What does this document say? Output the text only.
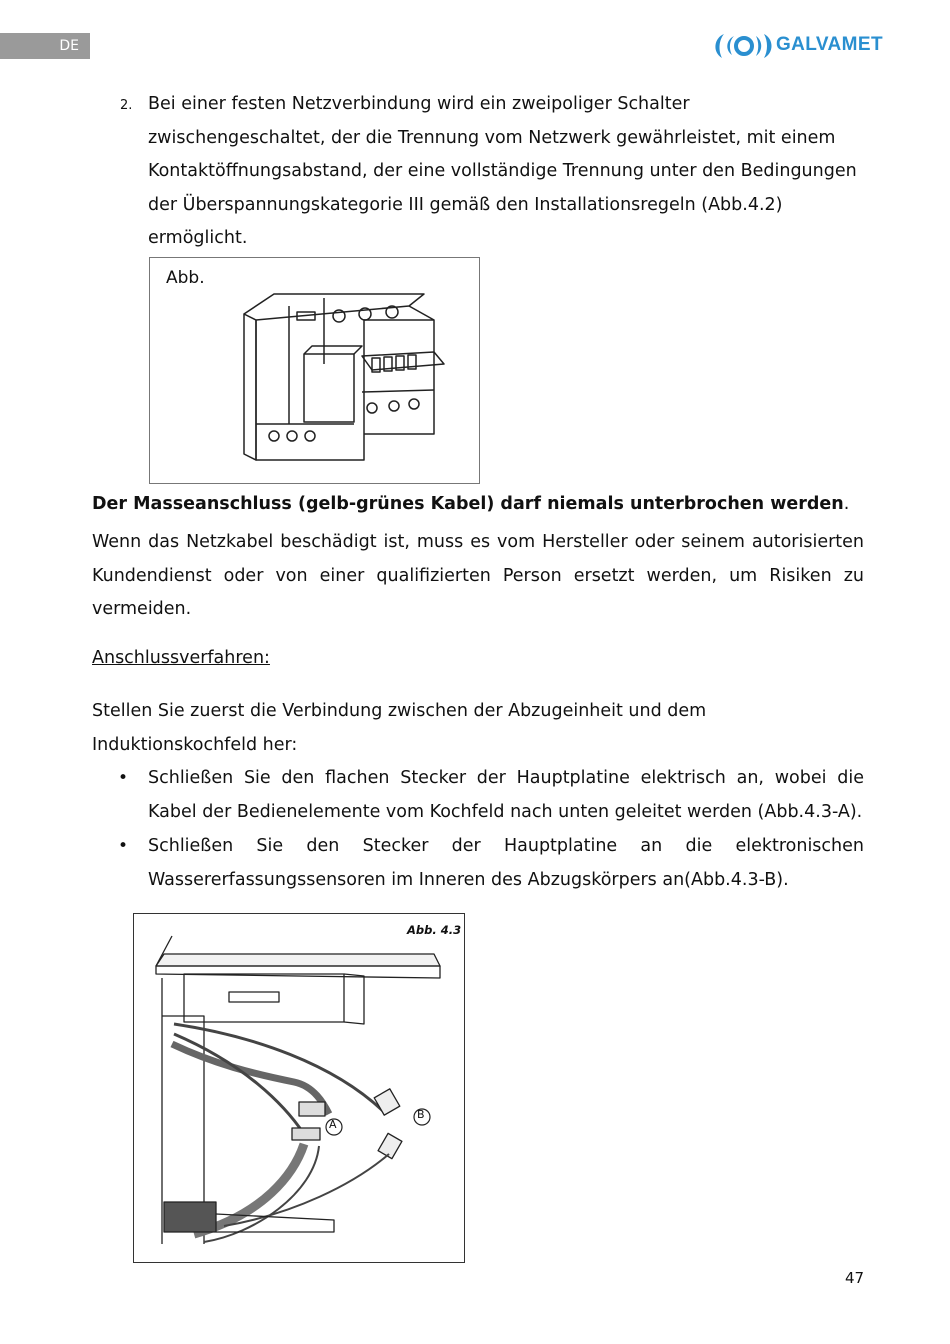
DE	GALVAMET
2. Bei einer festen Netzverbindung wird ein zweipoliger Schalter zwischengeschaltet, der die Trennung vom Netzwerk gewährleistet, mit einem Kontaktöffnungsabstand, der eine vollständige Trennung unter den Bedingungen der Überspannungskategorie III gemäß den Installationsregeln (Abb.4.2) ermöglicht.
Abb.
Der Masseanschluss (gelb-grünes Kabel) darf niemals unterbrochen werden.
Wenn das Netzkabel beschädigt ist, muss es vom Hersteller oder seinem autorisierten Kundendienst oder von einer qualifizierten Person ersetzt werden, um Risiken zu vermeiden.
Anschlussverfahren:
Stellen Sie zuerst die Verbindung zwischen der Abzugeinheit und dem Induktionskochfeld her:
• Schließen Sie den flachen Stecker der Hauptplatine elektrisch an, wobei die Kabel der Bedienelemente vom Kochfeld nach unten geleitet werden (Abb.4.3-A).
• Schließen Sie den Stecker der Hauptplatine an die elektronischen Wassererfassungssensoren im Inneren des Abzugskörpers an(Abb.4.3-B).
Abb. 4.3
A
B
47
